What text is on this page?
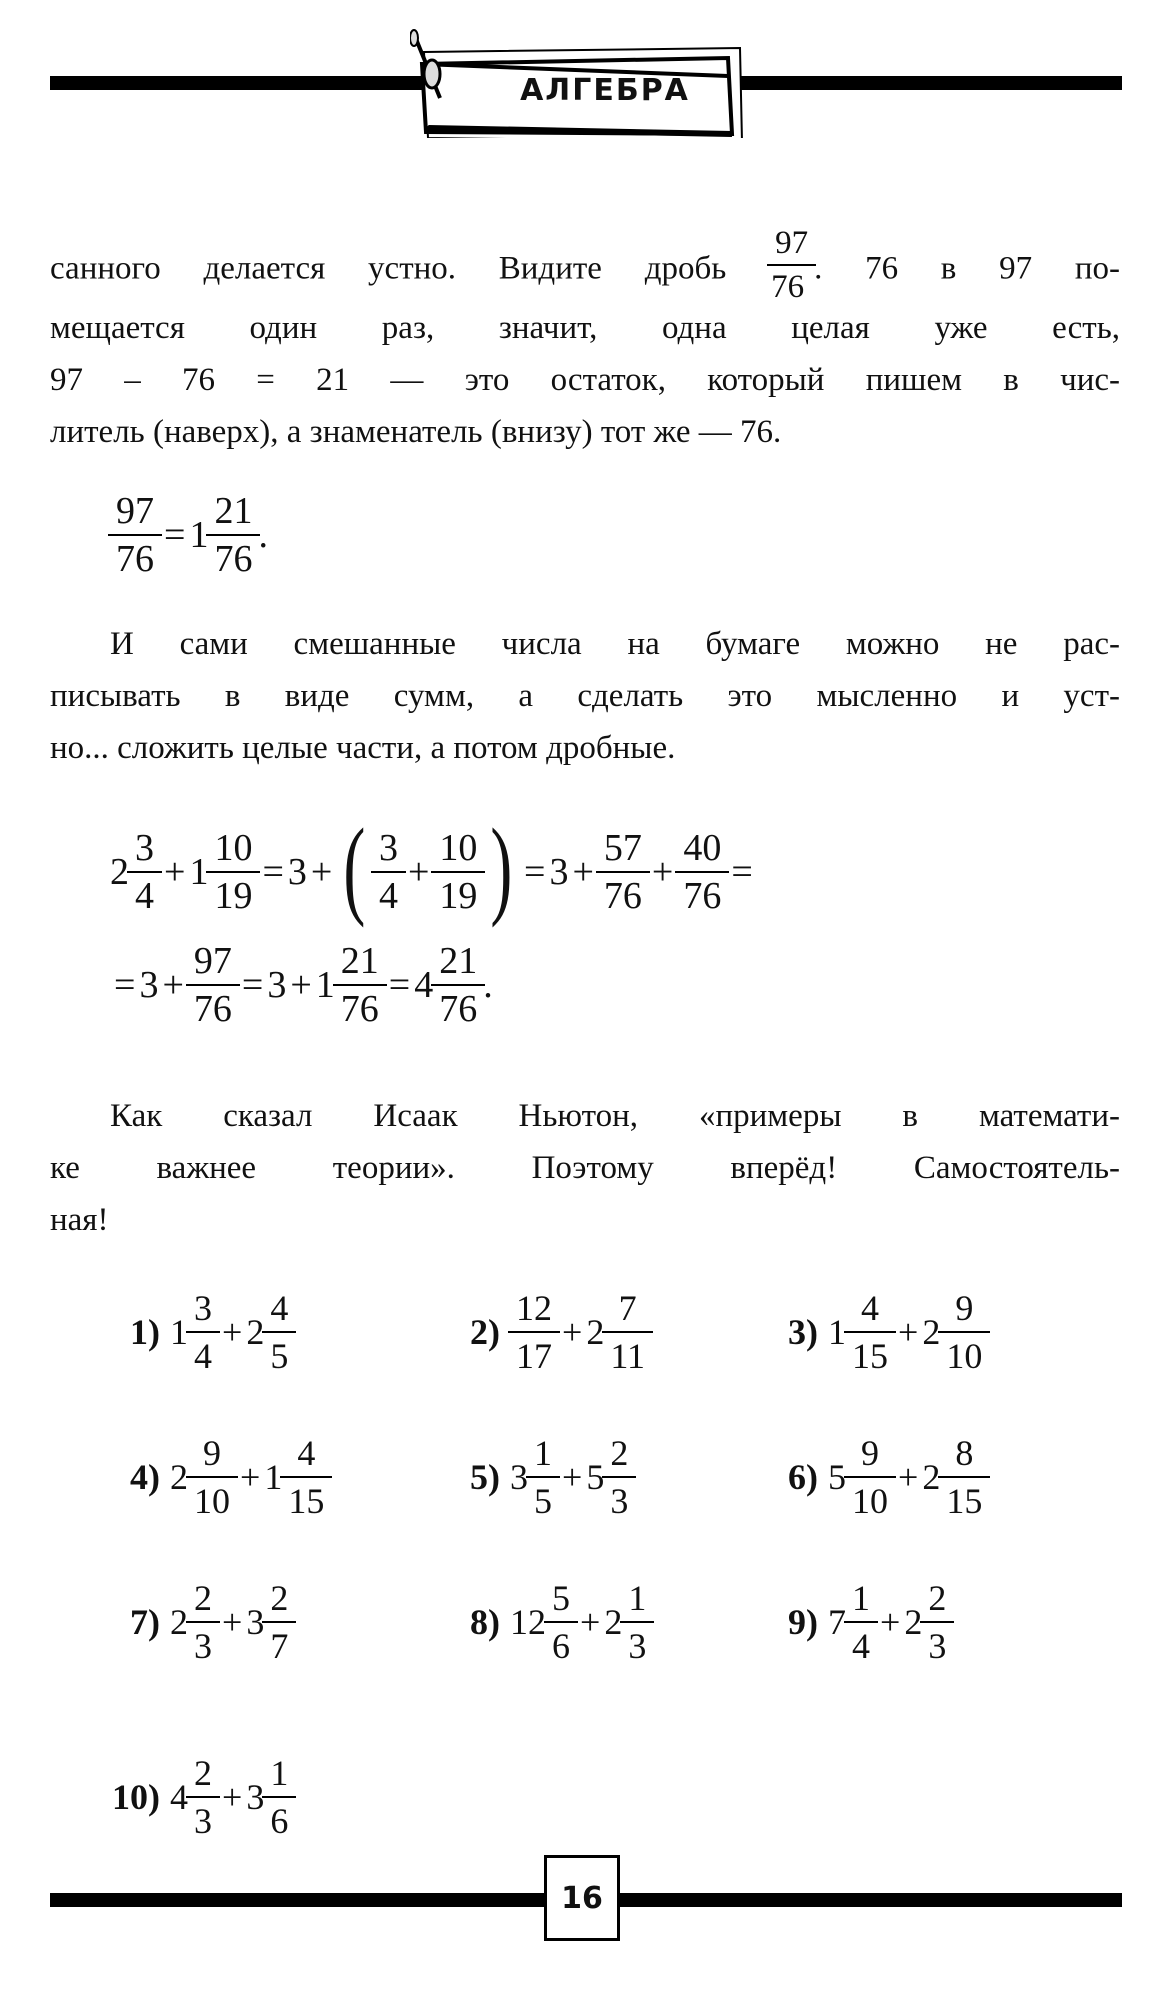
АЛГЕБРА
санного делается устно. Видите дробь $\frac{97}{76}$ . 76 в 97 по-
мещается один раз, значит, одна целая уже есть,
97 – 76 = 21 — это остаток, который пишем в чис-
литель (наверх), а знаменатель (внизу) тот же — 76.
$\frac{97}{76} = 1 \frac{21}{76}$ .
И сами смешанные числа на бумаге можно не рас-
писывать в виде сумм, а сделать это мысленно и уст-
но... сложить целые части, а потом дробные.
$2 \frac{3}{4} + 1 \frac{10}{19} = 3$ + ( $\frac{3}{4} + \frac{10}{19}$ ) = $3 + \frac{57}{76} + \frac{40}{76}$ =
= $3 + \frac{97}{76} = 3 + 1 \frac{21}{76} = 4 \frac{21}{76}$ .
Как сказал Исаак Ньютон, «примеры в математи-
ке важнее теории». Поэтому вперёд! Самостоятель-
ная!
1) $1 \frac{3}{4} + 2 \frac{4}{5}$	$2) \frac{12}{17} + 2 \frac{7}{11}$	3) $1 \frac{4}{15} + 2 \frac{9}{10}$
4) $2 \frac{9}{10} + 1 \frac{4}{15}$	5) $3 \frac{1}{5} + 5 \frac{2}{3}$	6) $5 \frac{9}{10} + 2 \frac{8}{15}$
7) $2 \frac{2}{3} + 3 \frac{2}{7}$	8) $12 \frac{5}{6} + 2 \frac{1}{3}$	9) $7 \frac{1}{4} + 2 \frac{2}{3}$
10) $4 \frac{2}{3} + 3 \frac{1}{6}$
16
